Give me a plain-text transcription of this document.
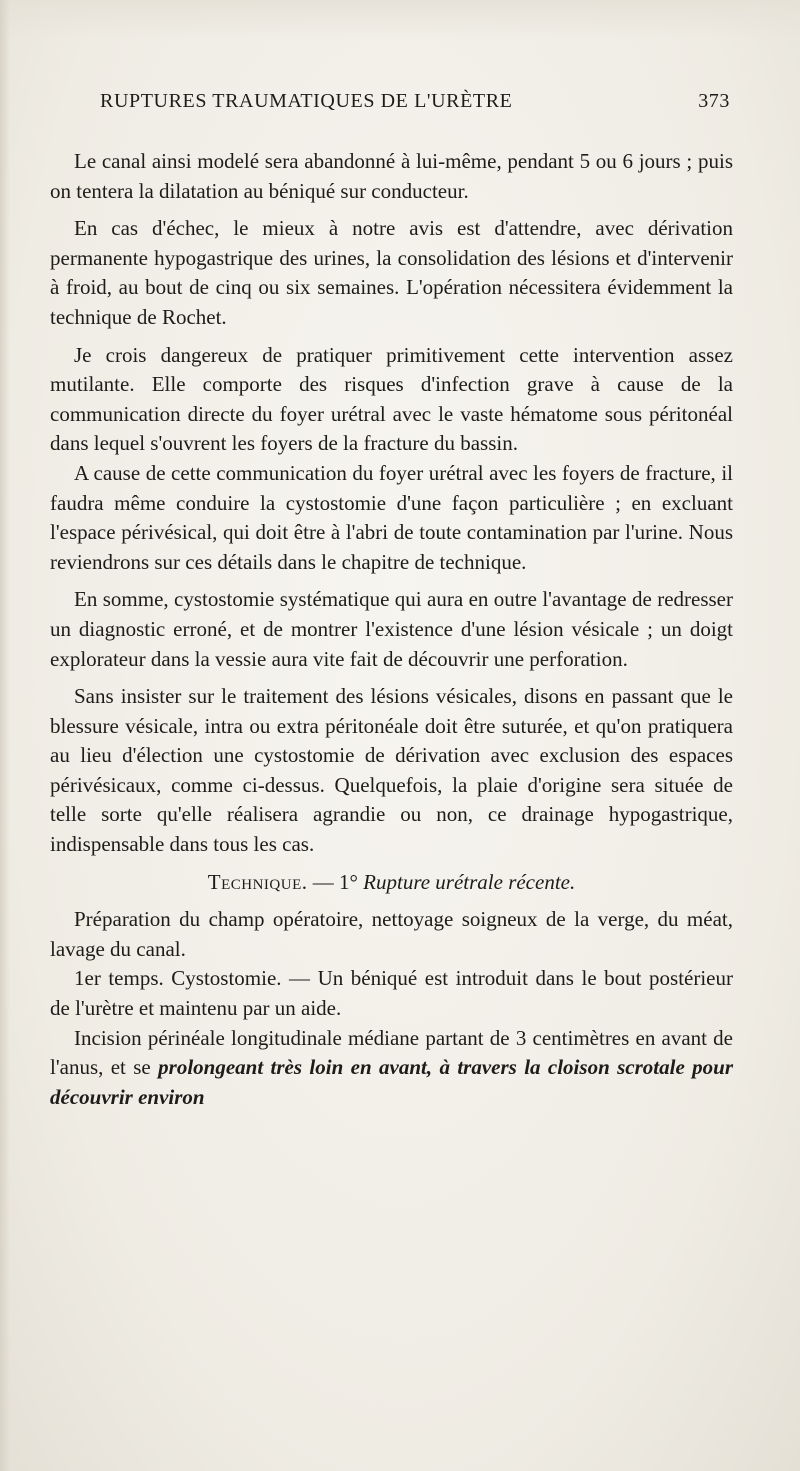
RUPTURES TRAUMATIQUES DE L'URÈTRE	373

Le canal ainsi modelé sera abandonné à lui-même, pendant 5 ou 6 jours ; puis on tentera la dilatation au béniqué sur conducteur.

En cas d'échec, le mieux à notre avis est d'attendre, avec dérivation permanente hypogastrique des urines, la consolidation des lésions et d'intervenir à froid, au bout de cinq ou six semaines. L'opération nécessitera évidemment la technique de Rochet.

Je crois dangereux de pratiquer primitivement cette intervention assez mutilante. Elle comporte des risques d'infection grave à cause de la communication directe du foyer urétral avec le vaste hématome sous péritonéal dans lequel s'ouvrent les foyers de la fracture du bassin.

A cause de cette communication du foyer urétral avec les foyers de fracture, il faudra même conduire la cystostomie d'une façon particulière ; en excluant l'espace périvésical, qui doit être à l'abri de toute contamination par l'urine. Nous reviendrons sur ces détails dans le chapitre de technique.

En somme, cystostomie systématique qui aura en outre l'avantage de redresser un diagnostic erroné, et de montrer l'existence d'une lésion vésicale ; un doigt explorateur dans la vessie aura vite fait de découvrir une perforation.

Sans insister sur le traitement des lésions vésicales, disons en passant que le blessure vésicale, intra ou extra péritonéale doit être suturée, et qu'on pratiquera au lieu d'élection une cystostomie de dérivation avec exclusion des espaces périvésicaux, comme ci-dessus. Quelquefois, la plaie d'origine sera située de telle sorte qu'elle réalisera agrandie ou non, ce drainage hypogastrique, indispensable dans tous les cas.

Technique. — 1° Rupture urétrale récente.

Préparation du champ opératoire, nettoyage soigneux de la verge, du méat, lavage du canal.

1er temps. Cystostomie. — Un béniqué est introduit dans le bout postérieur de l'urètre et maintenu par un aide.

Incision périnéale longitudinale médiane partant de 3 centimètres en avant de l'anus, et se prolongeant très loin en avant, à travers la cloison scrotale pour découvrir environ
